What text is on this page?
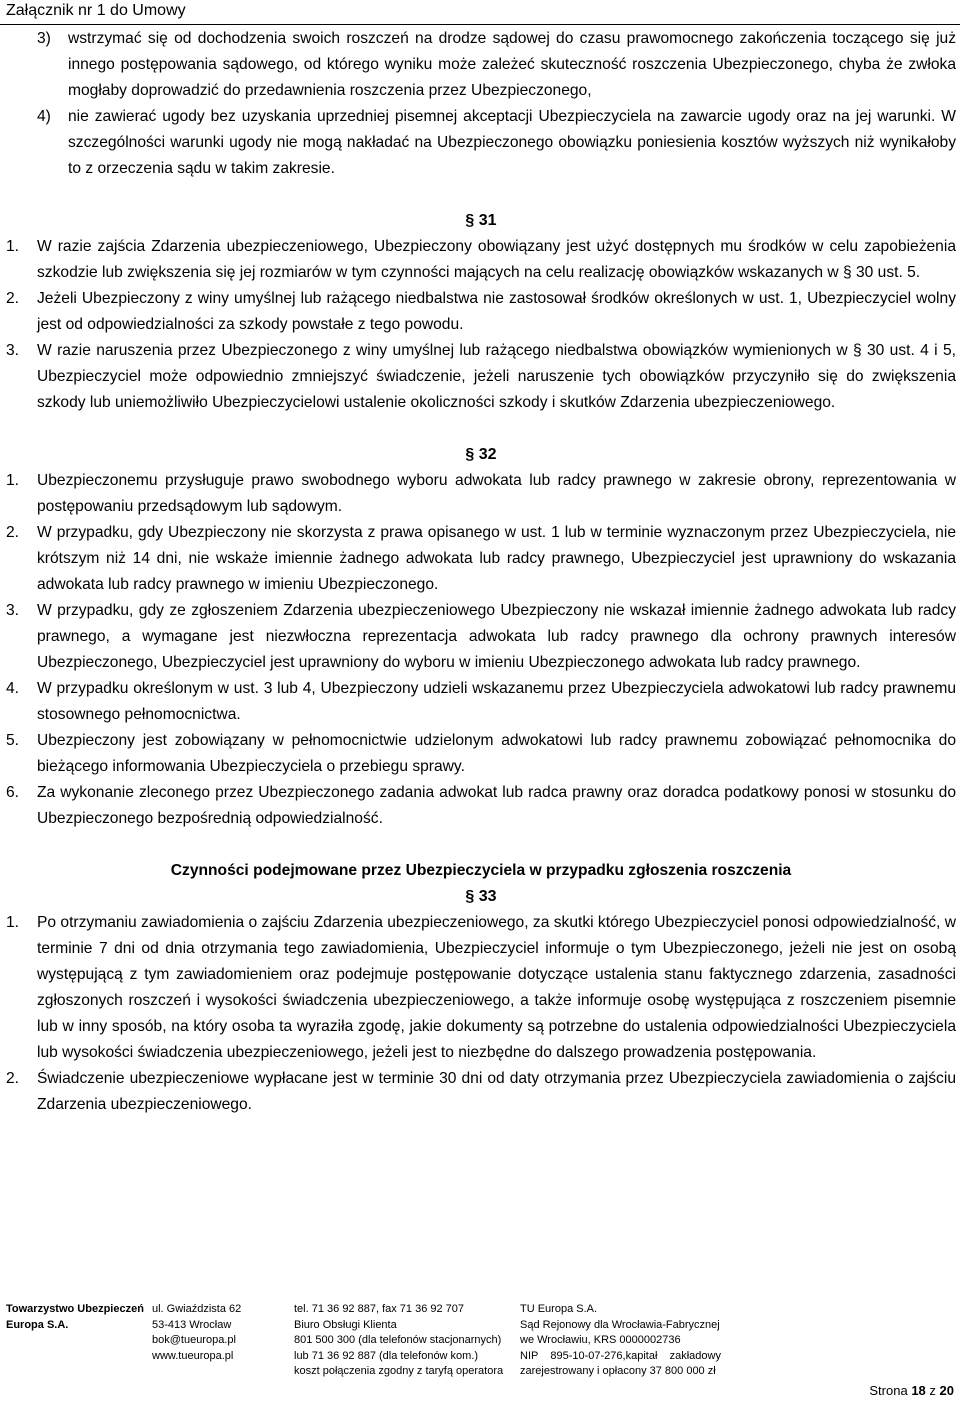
Załącznik nr 1 do Umowy
3)	wstrzymać się od dochodzenia swoich roszczeń na drodze sądowej do czasu prawomocnego zakończenia toczącego się już innego postępowania sądowego, od którego wyniku może zależeć skuteczność roszczenia Ubezpieczonego, chyba że zwłoka mogłaby doprowadzić do przedawnienia roszczenia przez Ubezpieczonego,
4)	nie zawierać ugody bez uzyskania uprzedniej pisemnej akceptacji Ubezpieczyciela na zawarcie ugody oraz na jej warunki. W szczególności warunki ugody nie mogą nakładać na Ubezpieczonego obowiązku poniesienia kosztów wyższych niż wynikałoby to z orzeczenia sądu w takim zakresie.
§ 31
1.	W razie zajścia Zdarzenia ubezpieczeniowego, Ubezpieczony obowiązany jest użyć dostępnych mu środków w celu zapobieżenia szkodzie lub zwiększenia się jej rozmiarów w tym czynności mających na celu realizację obowiązków wskazanych w § 30 ust. 5.
2.	Jeżeli Ubezpieczony z winy umyślnej lub rażącego niedbalstwa nie zastosował środków określonych w ust. 1, Ubezpieczyciel wolny jest od odpowiedzialności za szkody powstałe z tego powodu.
3.	W razie naruszenia przez Ubezpieczonego z winy umyślnej lub rażącego niedbalstwa obowiązków wymienionych w § 30 ust. 4 i 5, Ubezpieczyciel może odpowiednio zmniejszyć świadczenie, jeżeli naruszenie tych obowiązków przyczyniło się do zwiększenia szkody lub uniemożliwiło Ubezpieczycielowi ustalenie okoliczności szkody i skutków Zdarzenia ubezpieczeniowego.
§ 32
1.	Ubezpieczonemu przysługuje prawo swobodnego wyboru adwokata lub radcy prawnego w zakresie obrony, reprezentowania w postępowaniu przedsądowym lub sądowym.
2.	W przypadku, gdy Ubezpieczony nie skorzysta z prawa opisanego w ust. 1 lub w terminie wyznaczonym przez Ubezpieczyciela, nie krótszym niż 14 dni, nie wskaże imiennie żadnego adwokata lub radcy prawnego, Ubezpieczyciel jest uprawniony do wskazania adwokata lub radcy prawnego w imieniu Ubezpieczonego.
3.	W przypadku, gdy ze zgłoszeniem Zdarzenia ubezpieczeniowego Ubezpieczony nie wskazał imiennie żadnego adwokata lub radcy prawnego, a wymagane jest niezwłoczna reprezentacja adwokata lub radcy prawnego dla ochrony prawnych interesów Ubezpieczonego, Ubezpieczyciel jest uprawniony do wyboru w imieniu Ubezpieczonego adwokata lub radcy prawnego.
4.	W przypadku określonym w ust. 3 lub 4, Ubezpieczony udzieli wskazanemu przez Ubezpieczyciela adwokatowi lub radcy prawnemu stosownego pełnomocnictwa.
5.	Ubezpieczony jest zobowiązany w pełnomocnictwie udzielonym adwokatowi lub radcy prawnemu zobowiązać pełnomocnika do bieżącego informowania Ubezpieczyciela o przebiegu sprawy.
6.	Za wykonanie zleconego przez Ubezpieczonego zadania adwokat lub radca prawny oraz doradca podatkowy ponosi w stosunku do Ubezpieczonego bezpośrednią odpowiedzialność.
Czynności podejmowane przez Ubezpieczyciela w przypadku zgłoszenia roszczenia
§ 33
1.	Po otrzymaniu zawiadomienia o zajściu Zdarzenia ubezpieczeniowego, za skutki którego Ubezpieczyciel ponosi odpowiedzialność, w terminie 7 dni od dnia otrzymania tego zawiadomienia, Ubezpieczyciel informuje o tym Ubezpieczonego, jeżeli nie jest on osobą występującą z tym zawiadomieniem oraz podejmuje postępowanie dotyczące ustalenia stanu faktycznego zdarzenia, zasadności zgłoszonych roszczeń i wysokości świadczenia ubezpieczeniowego, a także informuje osobę występująca z roszczeniem pisemnie lub w inny sposób, na który osoba ta wyraziła zgodę, jakie dokumenty są potrzebne do ustalenia odpowiedzialności Ubezpieczyciela lub wysokości świadczenia ubezpieczeniowego, jeżeli jest to niezbędne do dalszego prowadzenia postępowania.
2.	Świadczenie ubezpieczeniowe wypłacane jest w terminie 30 dni od daty otrzymania przez Ubezpieczyciela zawiadomienia o zajściu Zdarzenia ubezpieczeniowego.
Towarzystwo Ubezpieczeń
Europa S.A.
ul. Gwiaździsta 62
53-413 Wrocław
bok@tueuropa.pl
www.tueuropa.pl
tel. 71 36 92 887, fax 71 36 92 707
Biuro Obsługi Klienta
801 500 300 (dla telefonów stacjonarnych)
lub 71 36 92 887 (dla telefonów kom.)
koszt połączenia zgodny z taryfą operatora
TU Europa S.A.
Sąd Rejonowy dla Wrocławia-Fabrycznej
we Wrocławiu, KRS 0000002736
NIP    895-10-07-276,kapitał    zakładowy
zarejestrowany i opłacony 37 800 000 zł
Strona 18 z 20
